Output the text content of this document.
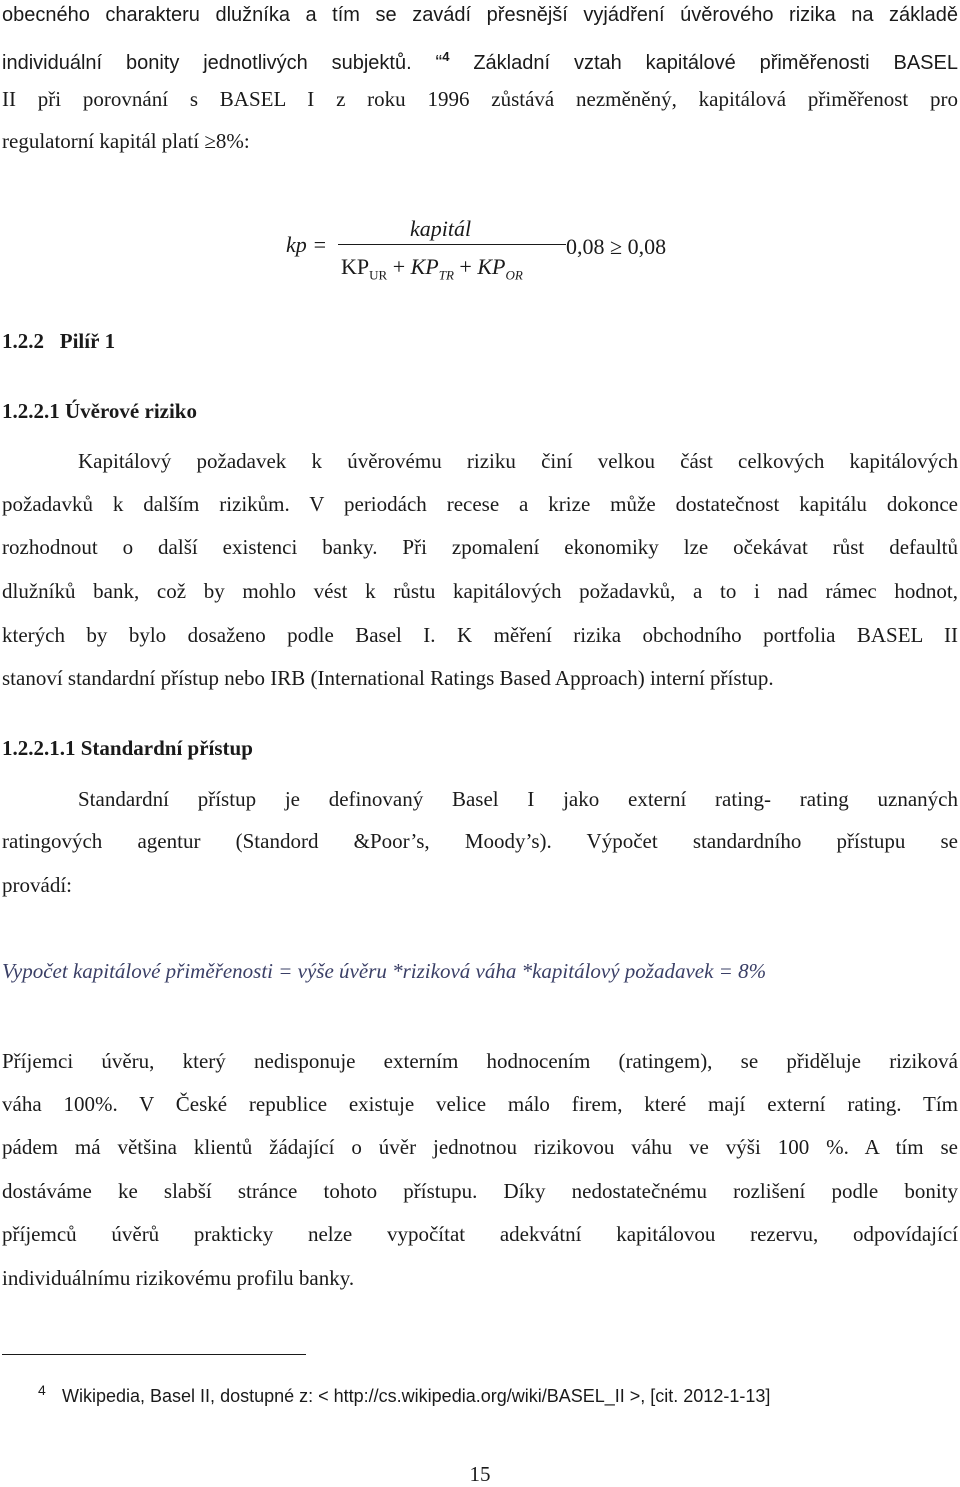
obecného charakteru dlužníka a tím se zavádí přesnější vyjádření úvěrového rizika na základě
individuální bonity jednotlivých subjektů. “$^4$ Základní vztah kapitálové přiměřenosti BASEL
II při porovnání s BASEL I z roku 1996 zůstává nezměněný, kapitálová přiměřenost pro
regulatorní kapitál platí ≥8%:
kp =
kapitál
0,08 ≥ 0,08
$KP_{UR} + KP_{TR} + KP_{OR}$
1.2.2   Pilíř 1
1.2.2.1 Úvěrové riziko
Kapitálový požadavek k úvěrovému riziku činí velkou část celkových kapitálových
požadavků k dalším rizikům. V periodách recese a krize může dostatečnost kapitálu dokonce
rozhodnout o další existenci banky. Při zpomalení ekonomiky lze očekávat růst defaultů
dlužníků bank, což by mohlo vést k růstu kapitálových požadavků, a to i nad rámec hodnot,
kterých by bylo dosaženo podle Basel I. K měření rizika obchodního portfolia BASEL II
stanoví standardní přístup nebo IRB (International Ratings Based Approach) interní přístup.
1.2.2.1.1 Standardní přístup
Standardní přístup je definovaný Basel I jako externí rating- rating uznaných
ratingových agentur (Standord &Poor’s, Moody’s). Výpočet standardního přístupu se
provádí:
Vypočet kapitálové přiměřenosti = výše úvěru *riziková váha *kapitálový požadavek = 8%
Příjemci úvěru, který nedisponuje externím hodnocením (ratingem), se přiděluje riziková
váha 100%. V České republice existuje velice málo firem, které mají externí rating. Tím
pádem má většina klientů žádající o úvěr jednotnou rizikovou váhu ve výši 100 %. A tím se
dostáváme ke slabší stránce tohoto přístupu. Díky nedostatečnému rozlišení podle bonity
příjemců úvěrů prakticky nelze vypočítat adekvátní kapitálovou rezervu, odpovídající
individuálnímu rizikovému profilu banky.
4 Wikipedia, Basel II, dostupné z: < http://cs.wikipedia.org/wiki/BASEL_II >, [cit. 2012-1-13]
15
